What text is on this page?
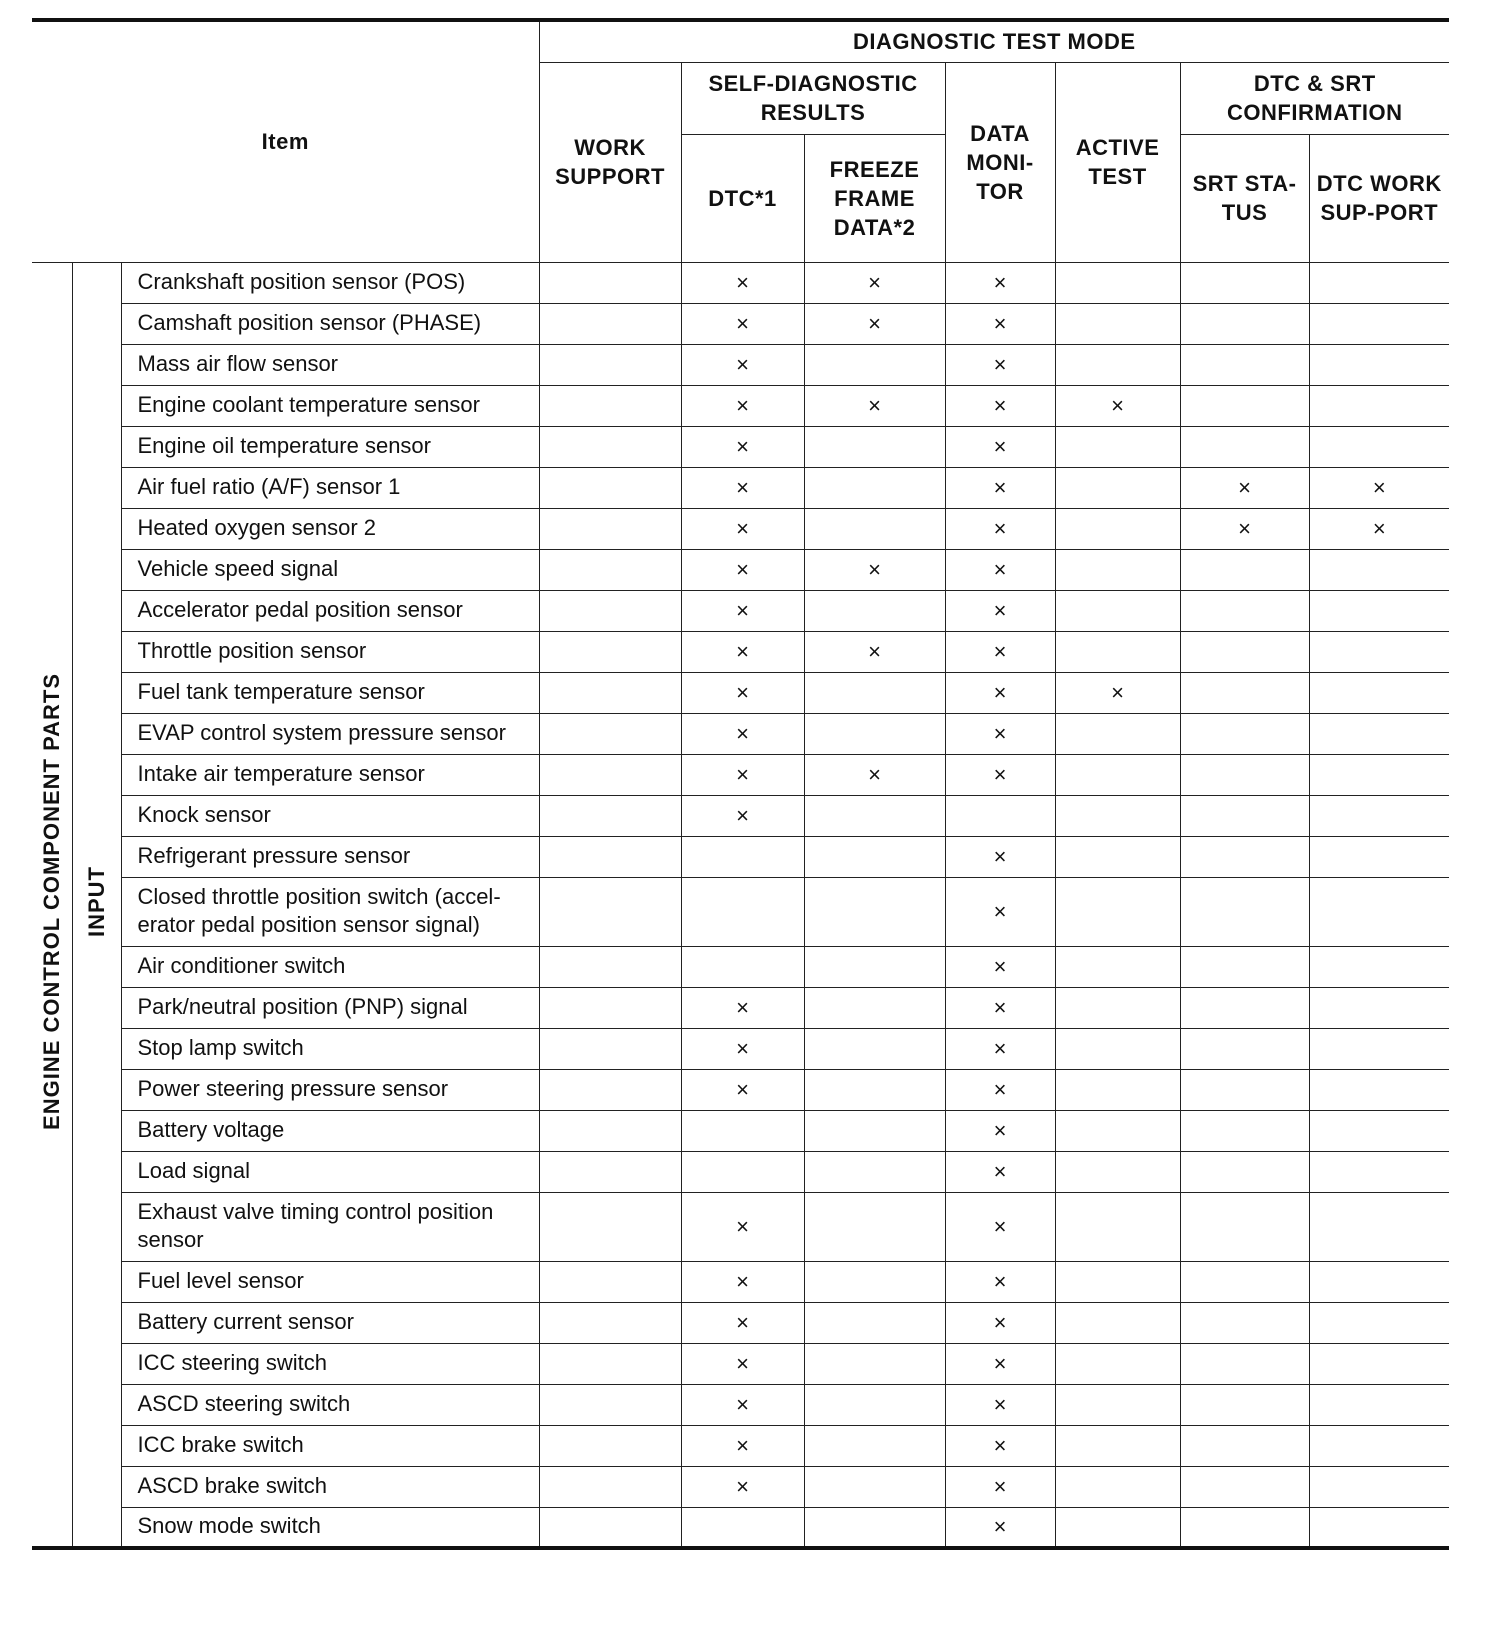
Item			DIAGNOSTIC TEST MODE						
			WORK SUPPORT	SELF-DIAGNOSTIC RESULTS		DATA MONI-TOR	ACTIVE TEST	DTC & SRT CONFIRMATION	
				DTC*1	FREEZE FRAME DATA*2			SRT STA-TUS	DTC WORK SUP-PORT
ENGINE CONTROL COMPONENT PARTS	INPUT	Crankshaft position sensor (POS)		×	×	×			
		Camshaft position sensor (PHASE)		×	×	×			
		Mass air flow sensor		×		×			
		Engine coolant temperature sensor		×	×	×	×		
		Engine oil temperature sensor		×		×			
		Air fuel ratio (A/F) sensor 1		×		×		×	×
		Heated oxygen sensor 2		×		×		×	×
		Vehicle speed signal		×	×	×			
		Accelerator pedal position sensor		×		×			
		Throttle position sensor		×	×	×			
		Fuel tank temperature sensor		×		×	×		
		EVAP control system pressure sensor		×		×			
		Intake air temperature sensor		×	×	×			
		Knock sensor		×					
		Refrigerant pressure sensor				×			
		Closed throttle position switch (accel-erator pedal position sensor signal)				×			
		Air conditioner switch				×			
		Park/neutral position (PNP) signal		×		×			
		Stop lamp switch		×		×			
		Power steering pressure sensor		×		×			
		Battery voltage				×			
		Load signal				×			
		Exhaust valve timing control position sensor		×		×			
		Fuel level sensor		×		×			
		Battery current sensor		×		×			
		ICC steering switch		×		×			
		ASCD steering switch		×		×			
		ICC brake switch		×		×			
		ASCD brake switch		×		×			
		Snow mode switch				×			
